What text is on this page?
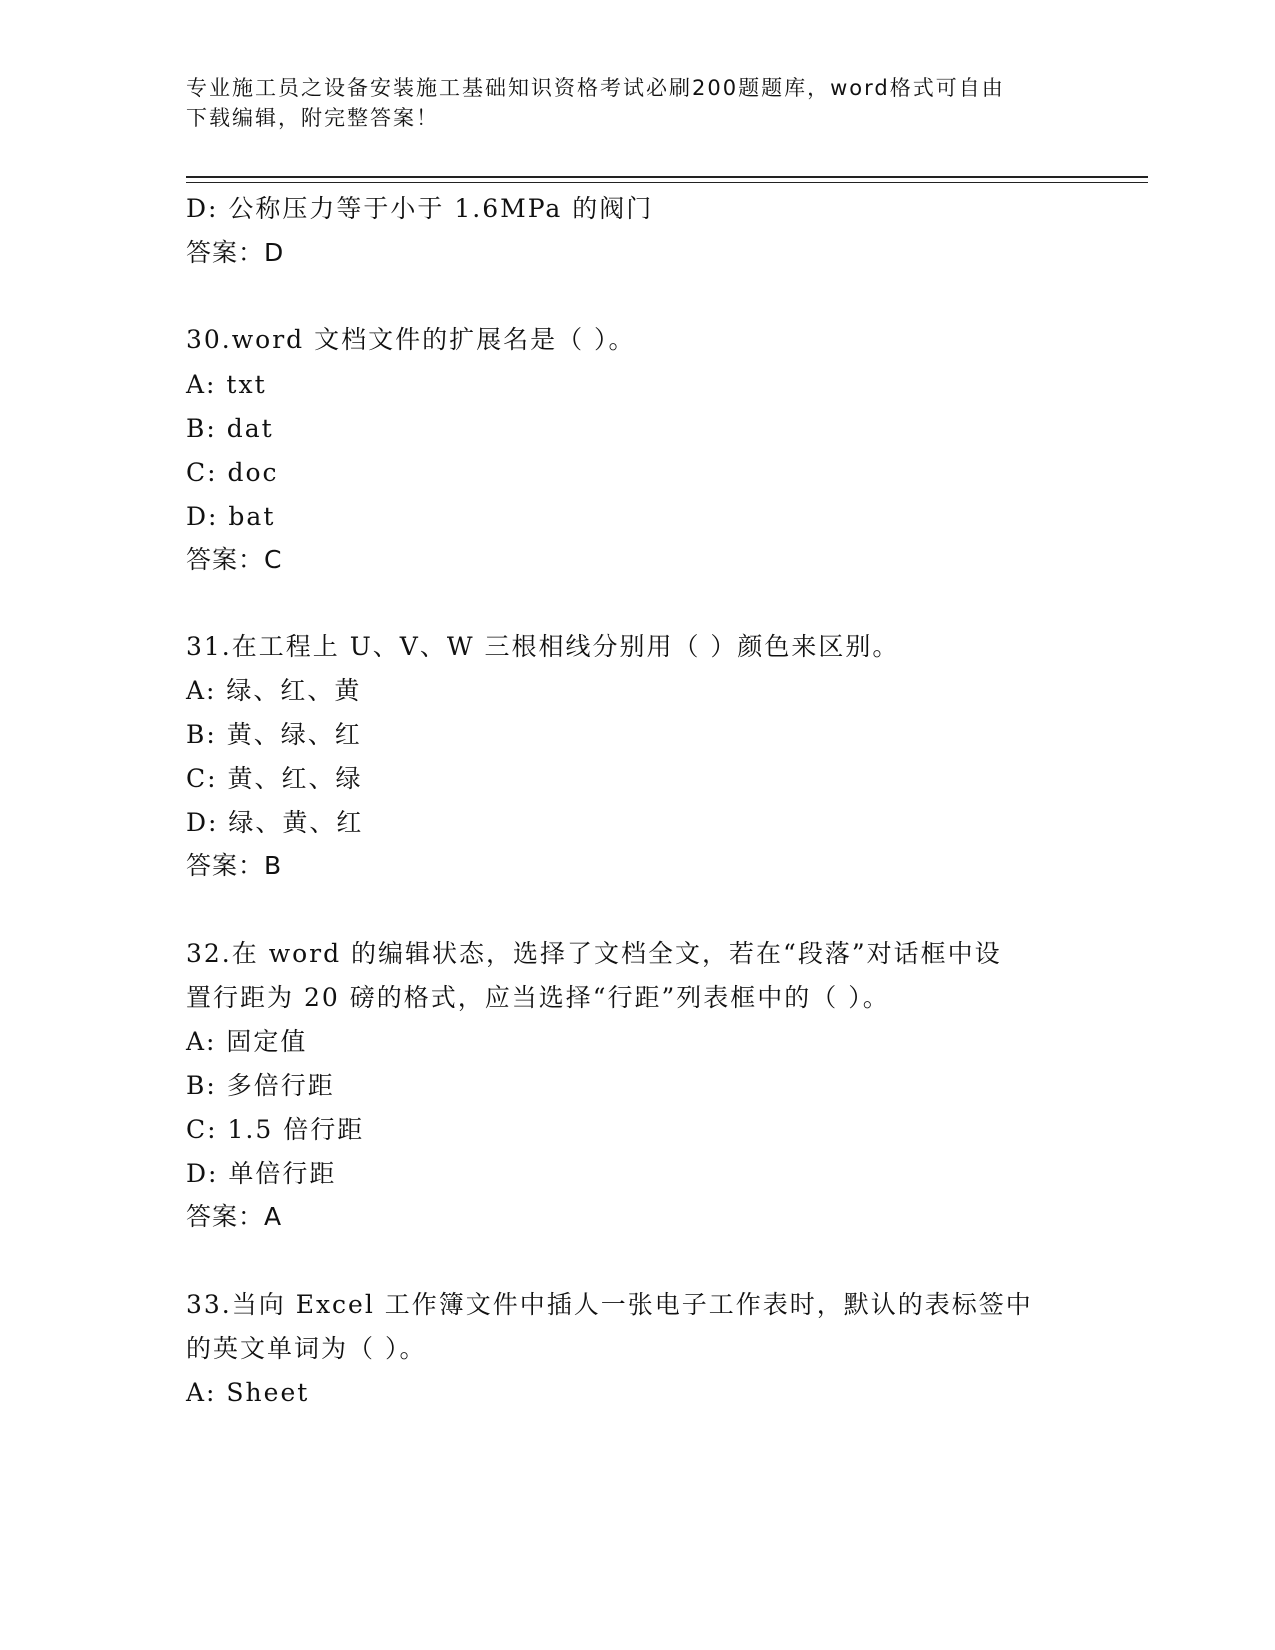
专业施工员之设备安装施工基础知识资格考试必刷200题题库，word格式可自由
下载编辑，附完整答案！
D: 公称压力等于小于 1.6MPa 的阀门
答案：D
30.word 文档文件的扩展名是（ ）。
A: txt
B: dat
C: doc
D: bat
答案：C
31.在工程上 U、V、W 三根相线分别用（ ）颜色来区别。
A: 绿、红、黄
B: 黄、绿、红
C: 黄、红、绿
D: 绿、黄、红
答案：B
32.在 word 的编辑状态，选择了文档全文，若在“段落”对话框中设
置行距为 20 磅的格式，应当选择“行距”列表框中的（ ）。
A: 固定值
B: 多倍行距
C: 1.5 倍行距
D: 单倍行距
答案：A
33.当向 Excel 工作簿文件中插人一张电子工作表时，默认的表标签中
的英文单词为（ ）。
A: Sheet
